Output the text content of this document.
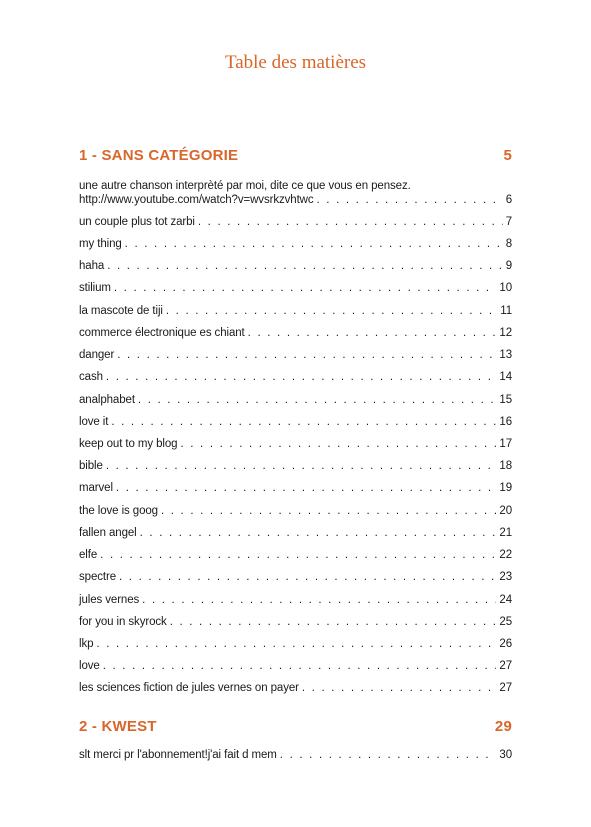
Table des matières
1 - SANS CATÉGORIE	5
une autre chanson interprèté par moi, dite ce que vous en pensez.
http://www.youtube.com/watch?v=wvsrkzvhtwc . . .	6
un couple plus tot zarbi . . .	7
my thing . . .	8
haha . . .	9
stilium . . .	10
la mascote de tiji . . .	11
commerce électronique es chiant . . .	12
danger . . .	13
cash . . .	14
analphabet . . .	15
love it . . .	16
keep out to my blog . . .	17
bible . . .	18
marvel . . .	19
the love is goog . . .	20
fallen angel . . .	21
elfe . . .	22
spectre . . .	23
jules vernes . . .	24
for you in skyrock . . .	25
lkp . . .	26
love . . .	27
les sciences fiction de jules vernes on payer . . .	27
2 - KWEST	29
slt merci pr l'abonnement!j'ai fait d mem . . .	30
